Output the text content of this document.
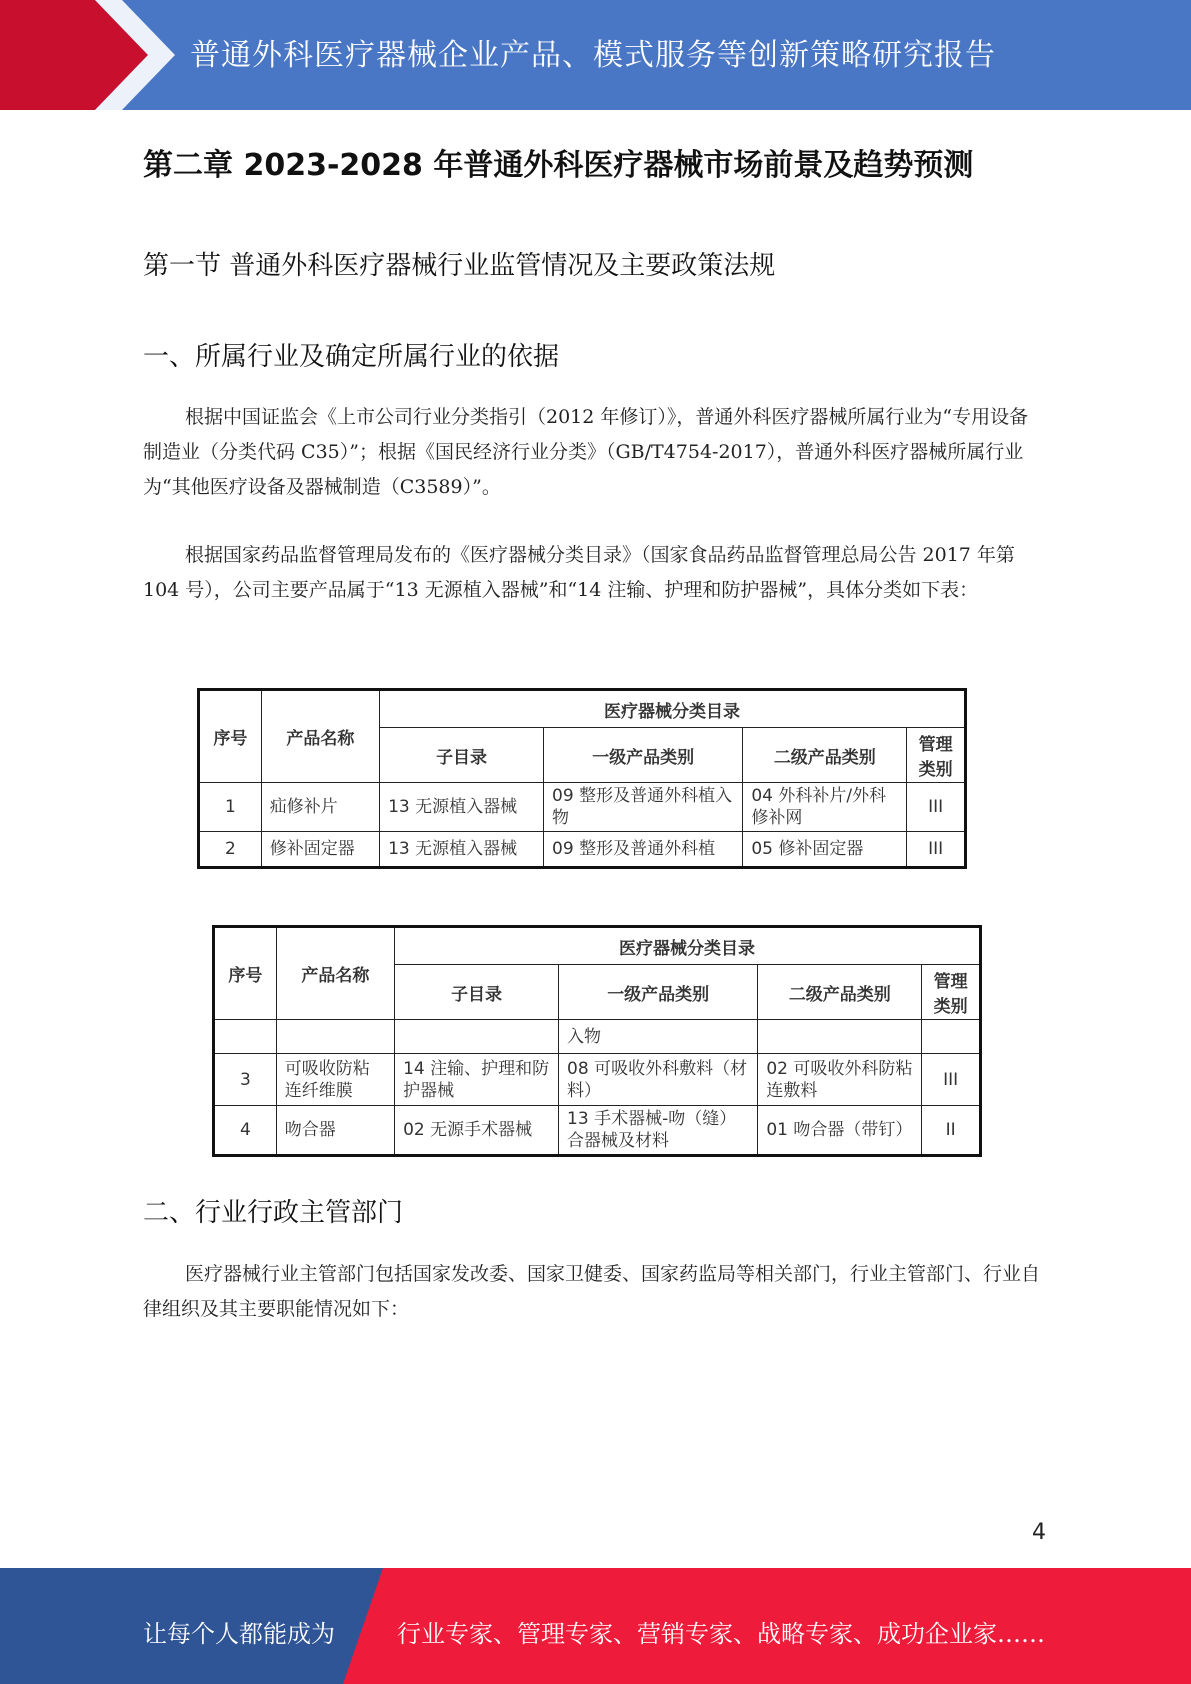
普通外科医疗器械企业产品、模式服务等创新策略研究报告
第二章 2023-2028 年普通外科医疗器械市场前景及趋势预测
第一节 普通外科医疗器械行业监管情况及主要政策法规
一、所属行业及确定所属行业的依据
根据中国证监会《上市公司行业分类指引（2012 年修订）》，普通外科医疗器械所属行业为“专用设备制造业（分类代码 C35）”；根据《国民经济行业分类》（GB/T4754-2017），普通外科医疗器械所属行业为“其他医疗设备及器械制造（C3589）”。
根据国家药品监督管理局发布的《医疗器械分类目录》（国家食品药品监督管理总局公告 2017 年第 104 号），公司主要产品属于“13 无源植入器械”和“14 注输、护理和防护器械”，具体分类如下表：
序号	产品名称	医疗器械分类目录			
		子目录	一级产品类别	二级产品类别	管理类别
1	疝修补片	13 无源植入器械	09 整形及普通外科植入物	04 外科补片/外科修补网	III
2	修补固定器	13 无源植入器械	09 整形及普通外科植	05 修补固定器	III
序号	产品名称	医疗器械分类目录			
		子目录	一级产品类别	二级产品类别	管理类别
			入物		
3	可吸收防粘连纤维膜	14 注输、护理和防护器械	08 可吸收外科敷料（材料）	02 可吸收外科防粘连敷料	III
4	吻合器	02 无源手术器械	13 手术器械-吻（缝）合器械及材料	01 吻合器（带钉）	II
二、行业行政主管部门
医疗器械行业主管部门包括国家发改委、国家卫健委、国家药监局等相关部门，行业主管部门、行业自律组织及其主要职能情况如下：
4
让每个人都能成为	行业专家、管理专家、营销专家、战略专家、成功企业家……
